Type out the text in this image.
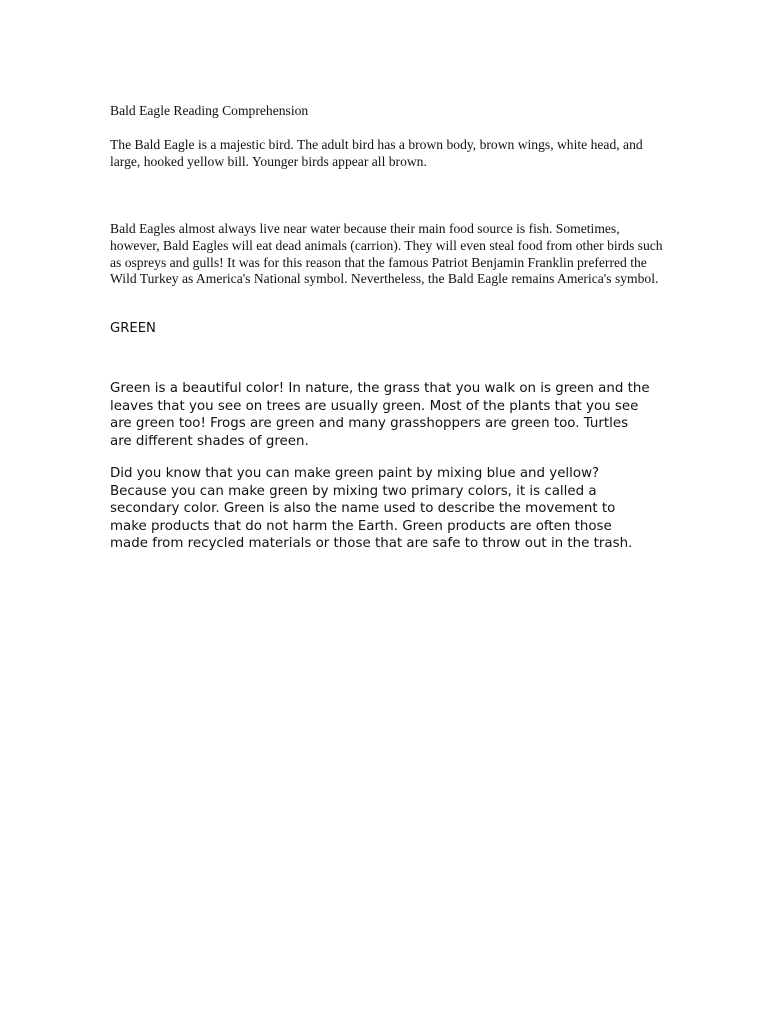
Bald Eagle Reading Comprehension

The Bald Eagle is a majestic bird. The adult bird has a brown body, brown wings, white head, and large, hooked yellow bill. Younger birds appear all brown.

Bald Eagles almost always live near water because their main food source is fish. Sometimes, however, Bald Eagles will eat dead animals (carrion). They will even steal food from other birds such as ospreys and gulls! It was for this reason that the famous Patriot Benjamin Franklin preferred the Wild Turkey as America's National symbol. Nevertheless, the Bald Eagle remains America's symbol.

GREEN

Green is a beautiful color! In nature, the grass that you walk on is green and the leaves that you see on trees are usually green. Most of the plants that you see are green too! Frogs are green and many grasshoppers are green too. Turtles are different shades of green.

Did you know that you can make green paint by mixing blue and yellow? Because you can make green by mixing two primary colors, it is called a secondary color. Green is also the name used to describe the movement to make products that do not harm the Earth. Green products are often those made from recycled materials or those that are safe to throw out in the trash.
